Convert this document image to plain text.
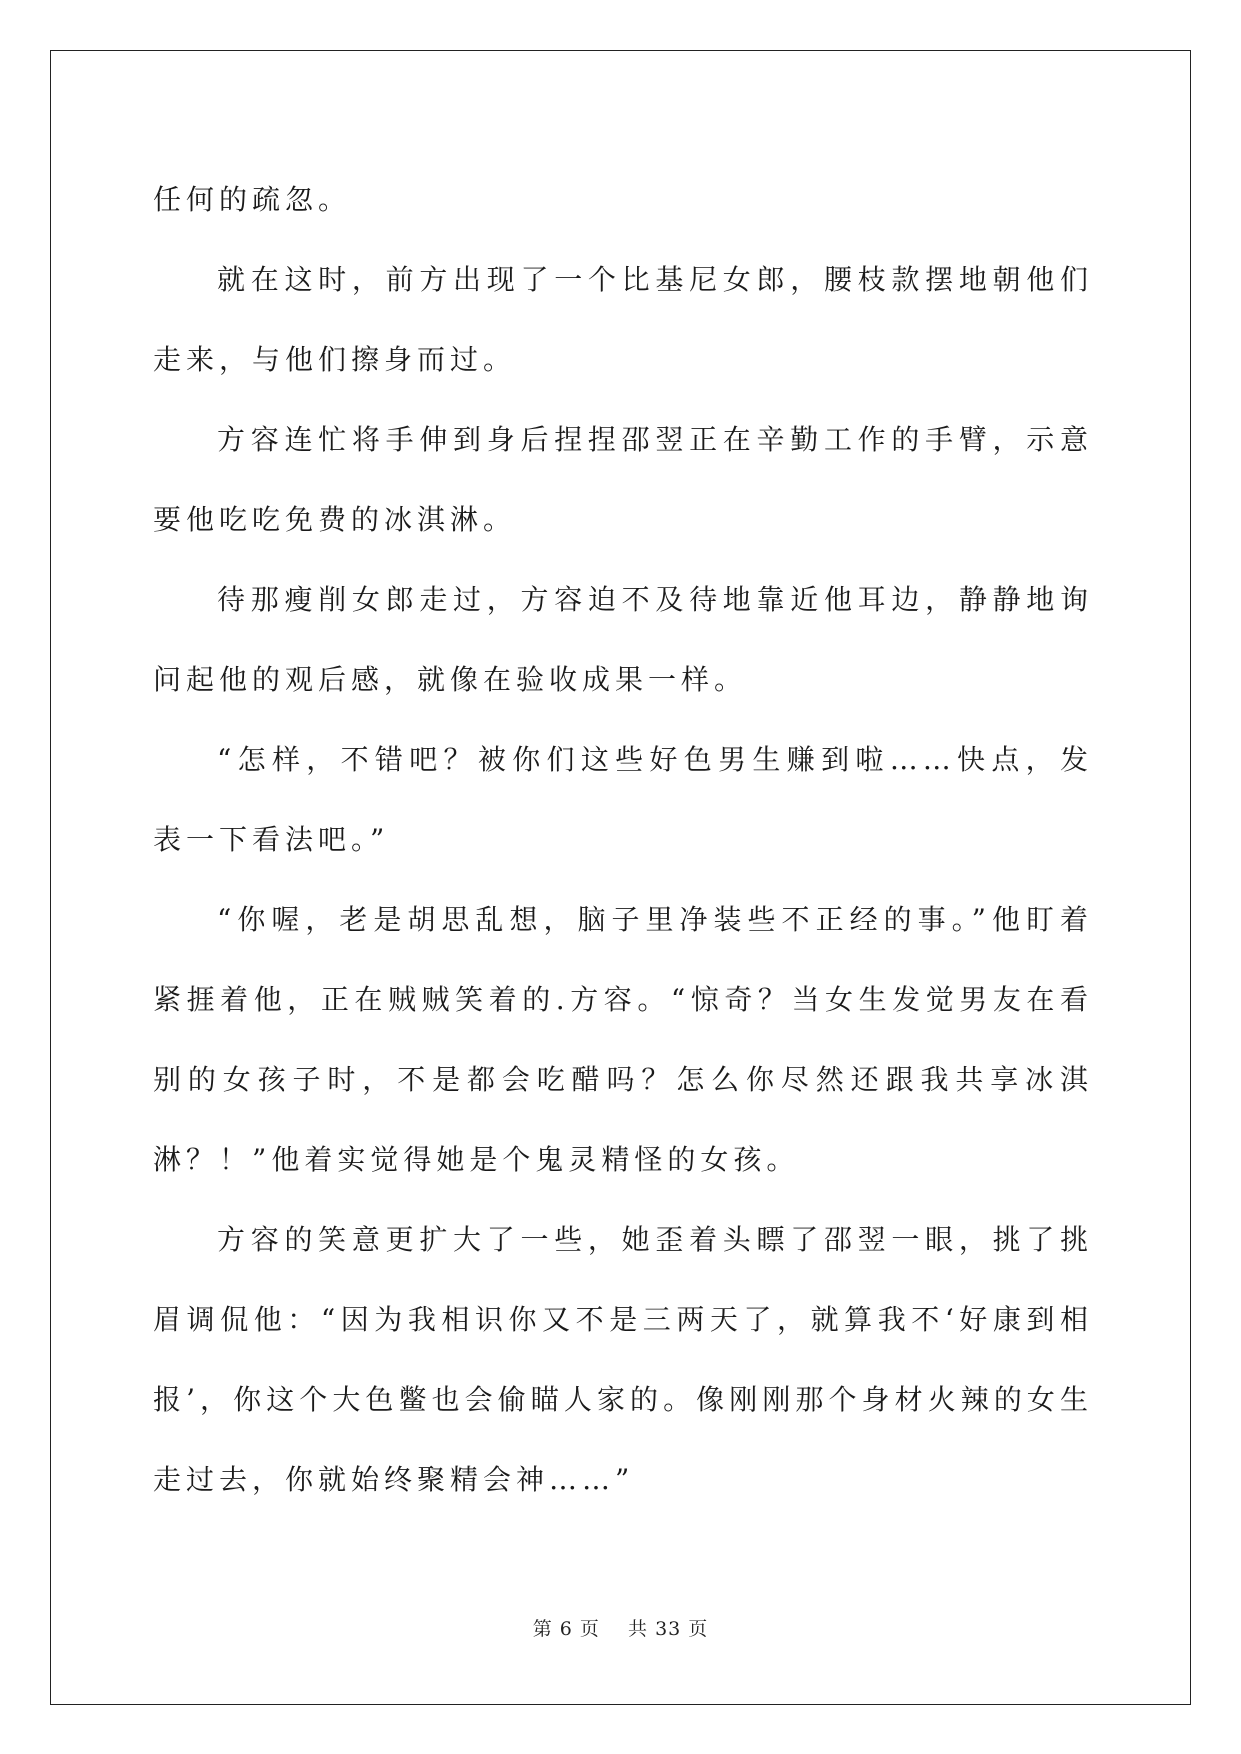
任何的疏忽。

就在这时，前方出现了一个比基尼女郎，腰枝款摆地朝他们走来，与他们擦身而过。

方容连忙将手伸到身后捏捏邵翌正在辛勤工作的手臂，示意要他吃吃免费的冰淇淋。

待那瘦削女郎走过，方容迫不及待地靠近他耳边，静静地询问起他的观后感，就像在验收成果一样。

“怎样，不错吧？被你们这些好色男生赚到啦……快点，发表一下看法吧。”

“你喔，老是胡思乱想，脑子里净装些不正经的事。”他盯着紧捱着他，正在贼贼笑着的.方容。“惊奇？当女生发觉男友在看别的女孩子时，不是都会吃醋吗？怎么你尽然还跟我共享冰淇淋？！”他着实觉得她是个鬼灵精怪的女孩。

方容的笑意更扩大了一些，她歪着头瞟了邵翌一眼，挑了挑眉调侃他：“因为我相识你又不是三两天了，就算我不‘好康到相报’，你这个大色鳖也会偷瞄人家的。像刚刚那个身材火辣的女生走过去，你就始终聚精会神……”

第 6 页 共 33 页
